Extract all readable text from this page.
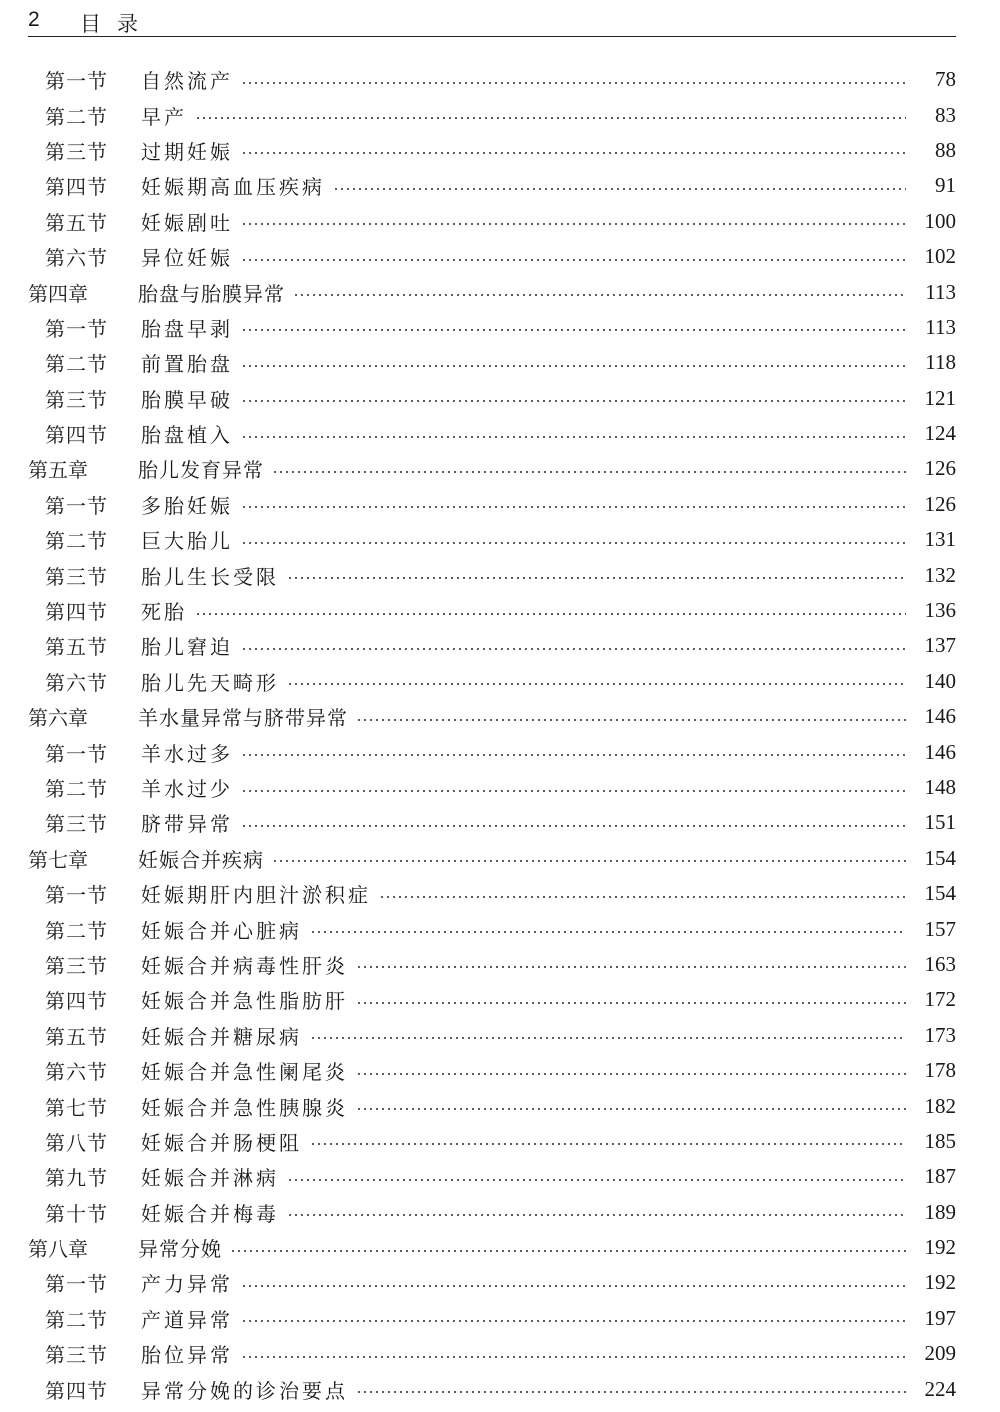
2 目录
第一节	自然流产	78
第二节	早产	83
第三节	过期妊娠	88
第四节	妊娠期高血压疾病	91
第五节	妊娠剧吐	100
第六节	异位妊娠	102
第四章	胎盘与胎膜异常	113
第一节	胎盘早剥	113
第二节	前置胎盘	118
第三节	胎膜早破	121
第四节	胎盘植入	124
第五章	胎儿发育异常	126
第一节	多胎妊娠	126
第二节	巨大胎儿	131
第三节	胎儿生长受限	132
第四节	死胎	136
第五节	胎儿窘迫	137
第六节	胎儿先天畸形	140
第六章	羊水量异常与脐带异常	146
第一节	羊水过多	146
第二节	羊水过少	148
第三节	脐带异常	151
第七章	妊娠合并疾病	154
第一节	妊娠期肝内胆汁淤积症	154
第二节	妊娠合并心脏病	157
第三节	妊娠合并病毒性肝炎	163
第四节	妊娠合并急性脂肪肝	172
第五节	妊娠合并糖尿病	173
第六节	妊娠合并急性阑尾炎	178
第七节	妊娠合并急性胰腺炎	182
第八节	妊娠合并肠梗阻	185
第九节	妊娠合并淋病	187
第十节	妊娠合并梅毒	189
第八章	异常分娩	192
第一节	产力异常	192
第二节	产道异常	197
第三节	胎位异常	209
第四节	异常分娩的诊治要点	224
